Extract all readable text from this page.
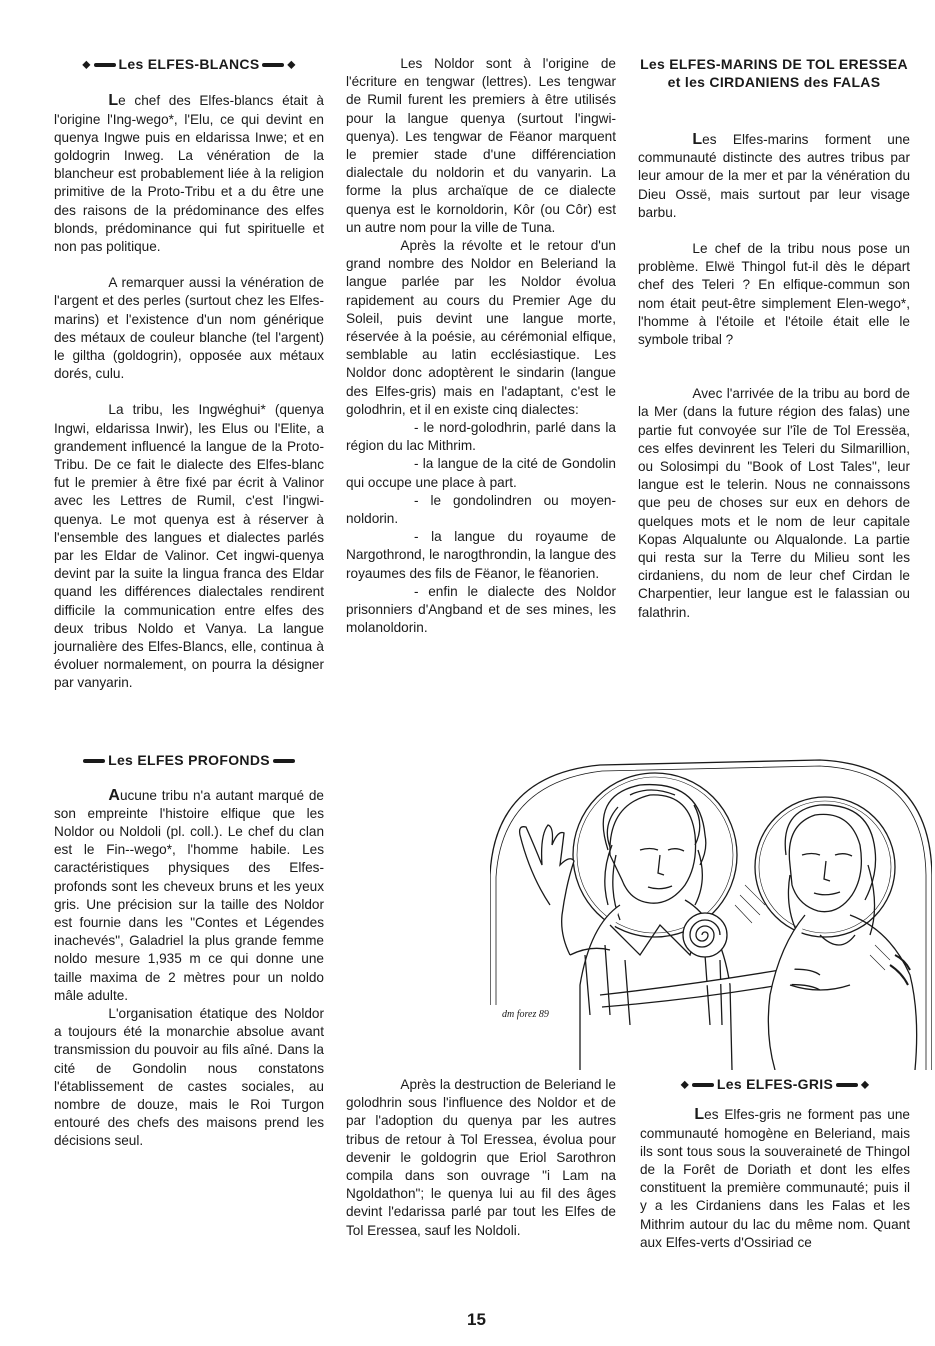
◆ Les ELFES-BLANCS	◆

Le chef des Elfes-blancs était à l'origine l'Ing-wego*, l'Elu, ce qui devint en quenya Ingwe puis en eldarissa Inwe; et en goldogrin Inweg. La vénération de la blancheur est probablement liée à la religion primitive de la Proto-Tribu et a du être une des raisons de la prédominance des elfes blonds, prédominance qui fut spirituelle et non pas politique.

A remarquer aussi la vénération de l'argent et des perles (surtout chez les Elfes-marins) et l'existence d'un nom générique des métaux de couleur blanche (tel l'argent) le giltha (goldogrin), opposée aux métaux dorés, culu.

La tribu, les Ingwéghui* (quenya Ingwi, eldarissa Inwir), les Elus ou l'Elite, a grandement influencé la langue de la Proto-Tribu. De ce fait le dialecte des Elfes-blanc fut le premier à être fixé par écrit à Valinor avec les Lettres de Rumil, c'est l'ingwi-quenya. Le mot quenya est à réserver à l'ensemble des langues et dialectes parlés par les Eldar de Valinor. Cet ingwi-quenya devint par la suite la lingua franca des Eldar quand les différences dialectales rendirent difficile la communication entre elfes des deux tribus Noldo et Vanya. La langue journalière des Elfes-Blancs, elle, continua à évoluer normalement, on pourra la désigner par vanyarin.

Les ELFES PROFONDS

Aucune tribu n'a autant marqué de son empreinte l'histoire elfique que les Noldor ou Noldoli (pl. coll.). Le chef du clan est le Fin--wego*, l'homme habile. Les caractéristiques physiques des Elfes-profonds sont les cheveux bruns et les yeux gris. Une précision sur la taille des Noldor est fournie dans les "Contes et Légendes inachevés", Galadriel la plus grande femme noldo mesure 1,935 m ce qui donne une taille maxima de 2 mètres pour un noldo mâle adulte.

L'organisation étatique des Noldor a toujours été la monarchie absolue avant transmission du pouvoir au fils aîné. Dans la cité de Gondolin nous constatons l'établissement de castes sociales, au nombre de douze, mais le Roi Turgon entouré des chefs des maisons prend les décisions seul.

Les Noldor sont à l'origine de l'écriture en tengwar (lettres). Les tengwar de Rumil furent les premiers à être utilisés pour la langue quenya (surtout l'ingwi-quenya). Les tengwar de Fëanor marquent le premier stade d'une différenciation dialectale du noldorin et du vanyarin. La forme la plus archaïque de ce dialecte quenya est le kornoldorin, Kôr (ou Côr) est un autre nom pour la ville de Tuna.

Après la révolte et le retour d'un grand nombre des Noldor en Beleriand la langue parlée par les Noldor évolua rapidement au cours du Premier Age du Soleil, puis devint une langue morte, réservée à la poésie, au cérémonial elfique, semblable au latin ecclésiastique. Les Noldor donc adoptèrent le sindarin (langue des Elfes-gris) mais en l'adaptant, c'est le golodhrin, et il en existe cinq dialectes:

- le nord-golodhrin, parlé dans la région du lac Mithrim.

- la langue de la cité de Gondolin qui occupe une place à part.

- le gondolindren ou moyen-noldorin.

- la langue du royaume de Nargothrond, le narogthrondin, la langue des royaumes des fils de Fëanor, le fëanorien.

- enfin le dialecte des Noldor prisonniers d'Angband et de ses mines, les molanoldorin.

Après la destruction de Beleriand le golodhrin sous l'influence des Noldor et de par l'adoption du quenya par les autres tribus de retour à Tol Eressea, évolua pour devenir le goldogrin que Eriol Sarothron compila dans son ouvrage "i Lam na Ngoldathon"; le quenya lui au fil des âges devint l'edarissa parlé par tout les Elfes de Tol Eressea, sauf les Noldoli.

Les ELFES-MARINS DE TOL ERESSEA et les CIRDANIENS des FALAS

Les Elfes-marins forment une communauté distincte des autres tribus par leur amour de la mer et par la vénération du Dieu Ossë, mais surtout par leur visage barbu.

Le chef de la tribu nous pose un problème. Elwë Thingol fut-il dès le départ chef des Teleri ? En elfique-commun son nom était peut-être simplement Elen-wego*, l'homme à l'étoile et l'étoile était elle le symbole tribal ?

Avec l'arrivée de la tribu au bord de la Mer (dans la future région des falas) une partie fut convoyée sur l'île de Tol Eressëa, ces elfes devinrent les Teleri du Silmarillion, ou Solosimpi du "Book of Lost Tales", leur langue est le telerin. Nous ne connaissons que peu de choses sur eux en dehors de quelques mots et le nom de leur capitale Kopas Alqualunte ou Alqualonde. La partie qui resta sur la Terre du Milieu sont les cirdaniens, du nom de leur chef Cirdan le Charpentier, leur langue est le falassian ou falathrin.

◆ Les ELFES-GRIS	◆

Les Elfes-gris ne forment pas une communauté homogène en Beleriand, mais ils sont tous sous la souveraineté de Thingol de la Forêt de Doriath et dont les elfes constituent la première communauté; puis il y a les Cirdaniens dans les Falas et les Mithrim autour du lac du même nom. Quant aux Elfes-verts d'Ossiriad ce

dm forez 89
15
